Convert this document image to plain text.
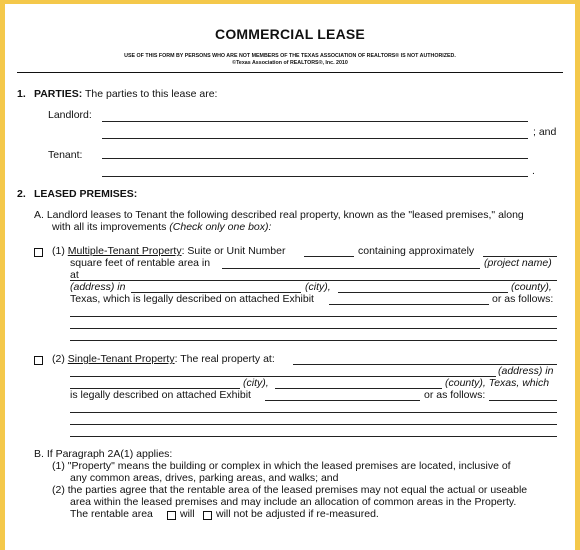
COMMERCIAL LEASE
USE OF THIS FORM BY PERSONS WHO ARE NOT MEMBERS OF THE TEXAS ASSOCIATION OF REALTORS® IS NOT AUTHORIZED.
©Texas Association of REALTORS®, Inc. 2010
1. PARTIES: The parties to this lease are:
Landlord:
; and
Tenant:
.
2. LEASED PREMISES:
A. Landlord leases to Tenant the following described real property, known as the "leased premises," along
with all its improvements (Check only one box):
(1) Multiple-Tenant Property: Suite or Unit Number	containing approximately
square feet of rentable area in	(project name)
at
(address) in	(city),	(county),
Texas, which is legally described on attached Exhibit	or as follows:
(2) Single-Tenant Property: The real property at:
(address) in
(city),	(county), Texas, which
is legally described on attached Exhibit	or as follows:
B. If Paragraph 2A(1) applies:
(1) "Property" means the building or complex in which the leased premises are located, inclusive of
any common areas, drives, parking areas, and walks; and
(2) the parties agree that the rentable area of the leased premises may not equal the actual or useable
area within the leased premises and may include an allocation of common areas in the Property.
The rentable area	will will not be adjusted if re-measured.
